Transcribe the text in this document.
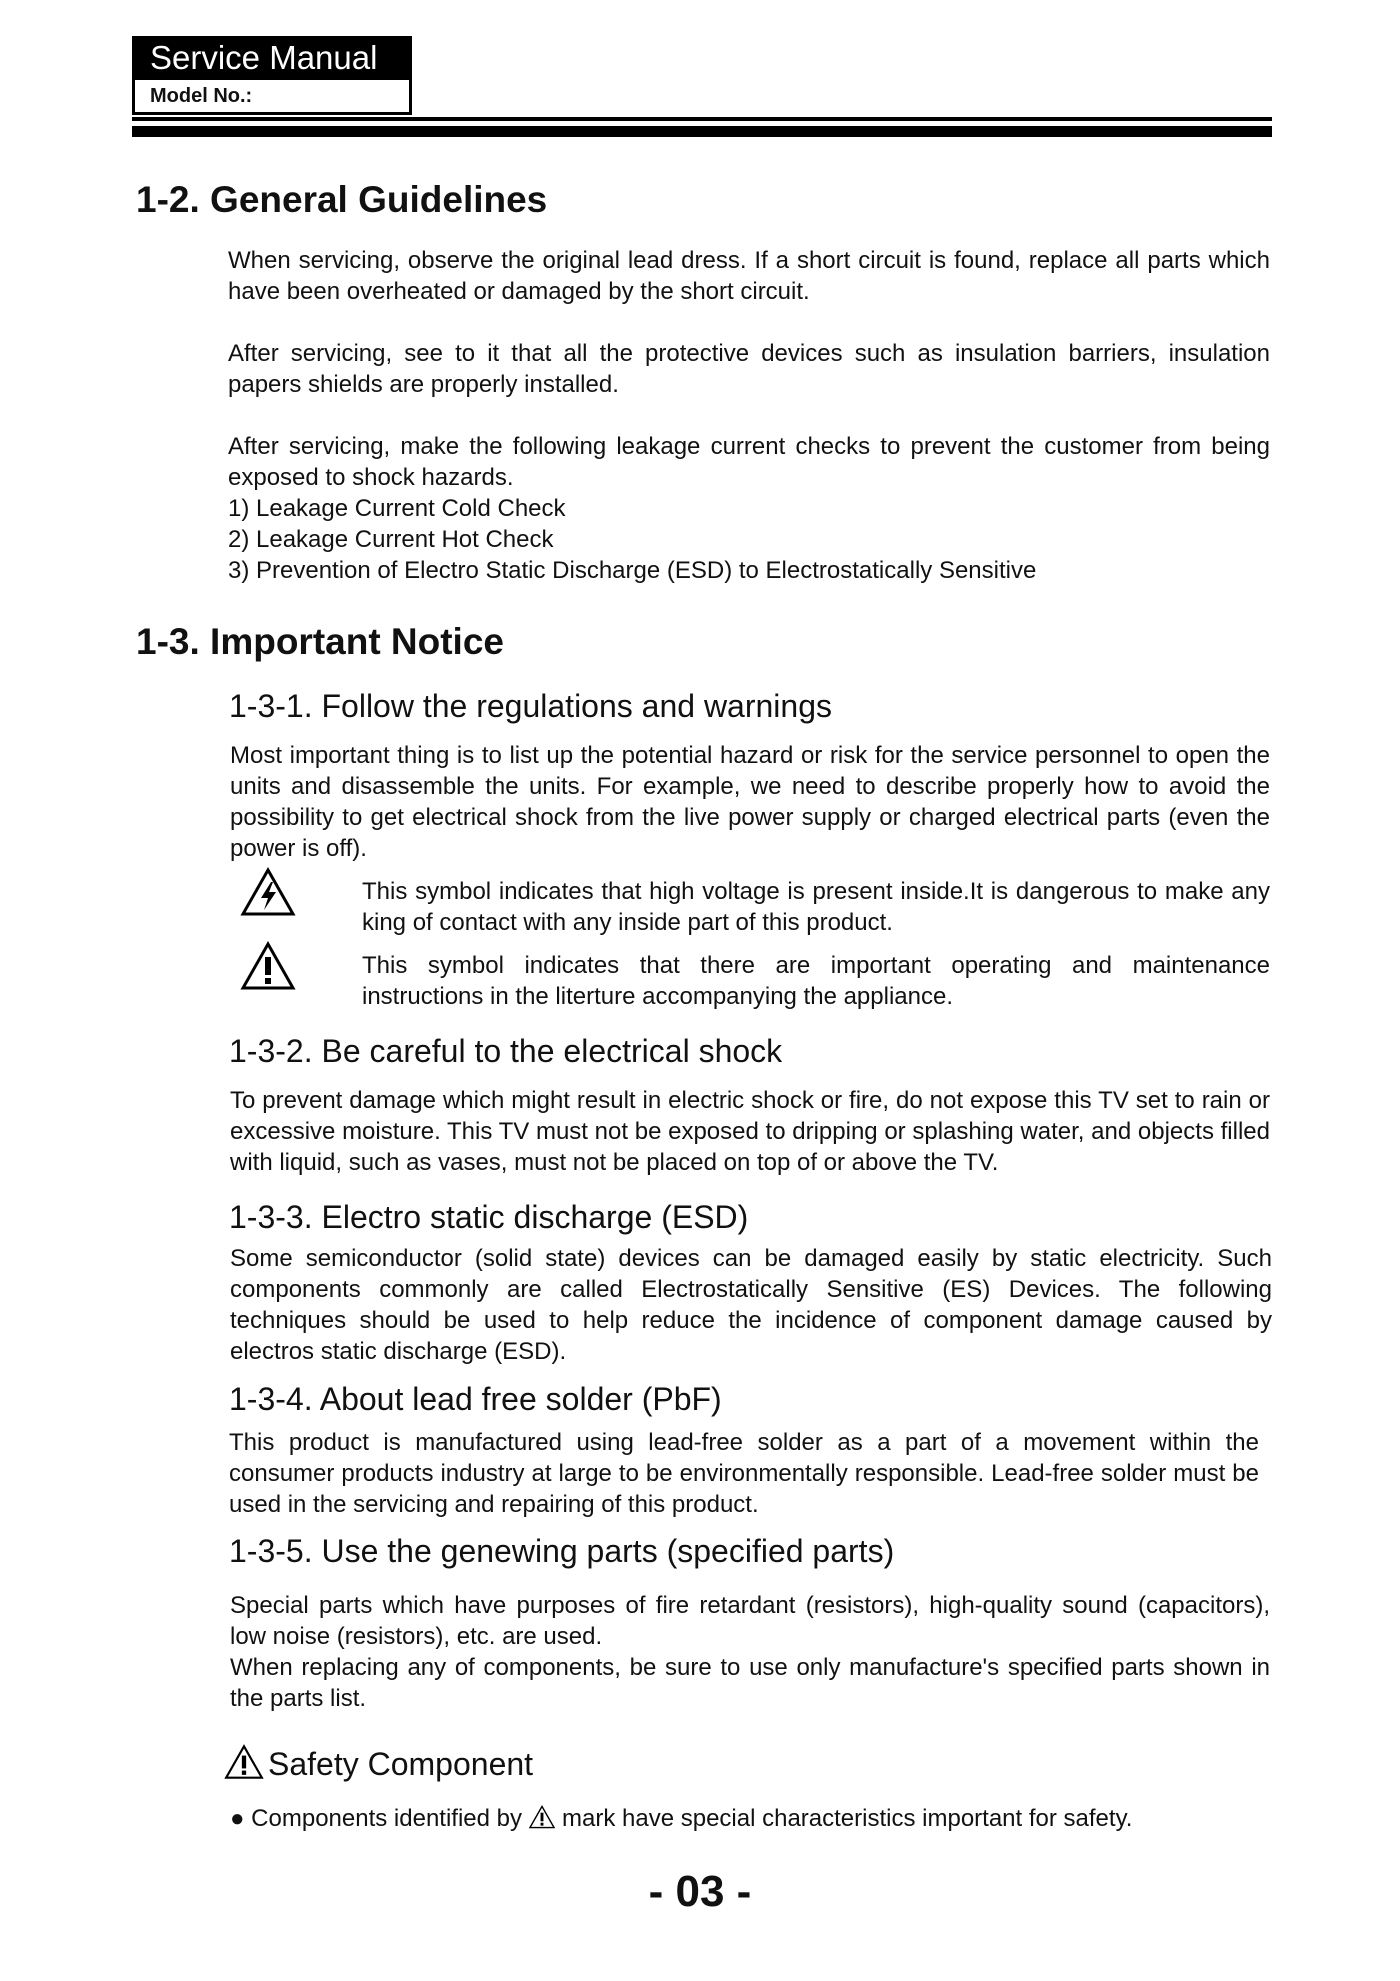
Service Manual
Model No.:
1-2. General Guidelines

When servicing, observe the original lead dress. If a short circuit is found, replace all parts which have been overheated or damaged by the short circuit.

After servicing, see to it that all the protective devices such as insulation barriers, insulation papers shields are properly installed.

After servicing, make the following leakage current checks to prevent the customer from being exposed to shock hazards.

1) Leakage Current Cold Check

2) Leakage Current Hot Check

3) Prevention of Electro Static Discharge (ESD) to Electrostatically Sensitive

1-3. Important Notice
1-3-1. Follow the regulations and warnings

Most important thing is to list up the potential hazard or risk for the service personnel to open the units and disassemble the units. For example, we need to describe properly how to avoid the possibility to get electrical shock from the live power supply or charged electrical parts (even the power is off).

This symbol indicates that high voltage is present inside.It is dangerous to make any king of contact with any inside part of this product.

This symbol indicates that there are important operating and maintenance instructions in the literture accompanying the appliance.

1-3-2. Be careful to the electrical shock

To prevent damage which might result in electric shock or fire, do not expose this TV set to rain or excessive moisture. This TV must not be exposed to dripping or splashing water, and objects filled with liquid, such as vases, must not be placed on top of or above the TV.

1-3-3. Electro static discharge (ESD)

Some semiconductor (solid state) devices can be damaged easily by static electricity. Such components commonly are called Electrostatically Sensitive (ES) Devices. The following techniques should be used to help reduce the incidence of component damage caused by electros static discharge (ESD).

1-3-4. About lead free solder (PbF)

This product is manufactured using lead-free solder as a part of a movement within the consumer products industry at large to be environmentally responsible. Lead-free solder must be used in the servicing and repairing of this product.

1-3-5. Use the genewing parts (specified parts)

Special parts which have purposes of fire retardant (resistors), high-quality sound (capacitors), low noise (resistors), etc. are used.

When replacing any of components, be sure to use only manufacture's specified parts shown in the parts list.

Safety Component

● Components identified by mark have special characteristics important for safety.

- 03 -
